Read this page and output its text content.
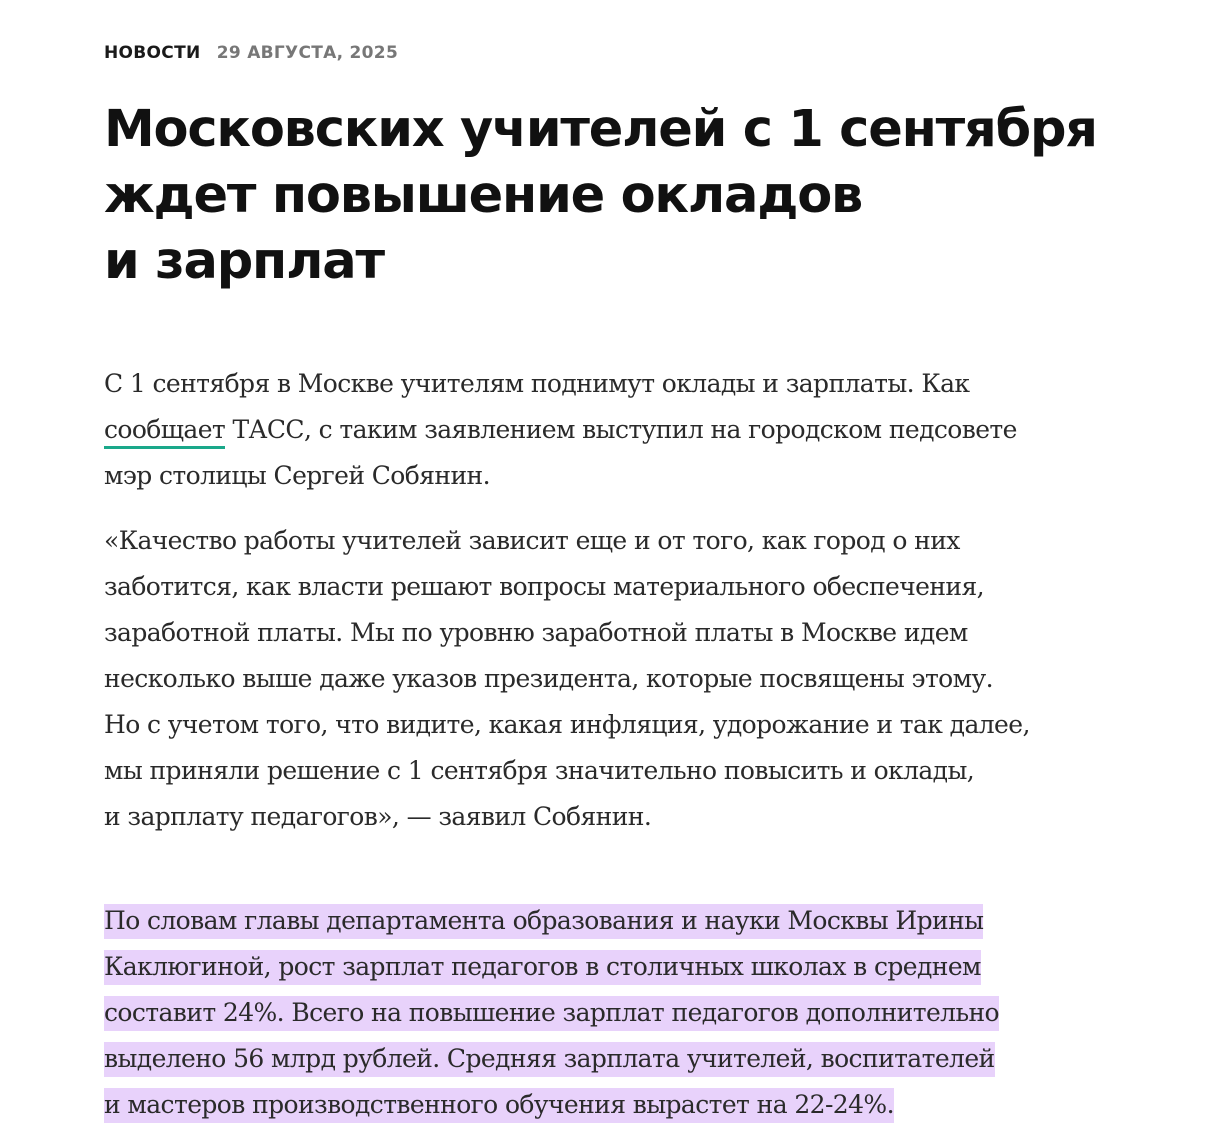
НОВОСТИ 29 АВГУСТА, 2025
Московских учителей с 1 сентября
ждет повышение окладов
и зарплат

С 1 сентября в Москве учителям поднимут оклады и зарплаты. Как
сообщает ТАСС, с таким заявлением выступил на городском педсовете
мэр столицы Сергей Собянин.

«Качество работы учителей зависит еще и от того, как город о них
заботится, как власти решают вопросы материального обеспечения,
заработной платы. Мы по уровню заработной платы в Москве идем
несколько выше даже указов президента, которые посвящены этому.
Но с учетом того, что видите, какая инфляция, удорожание и так далее,
мы приняли решение с 1 сентября значительно повысить и оклады,
и зарплату педагогов», — заявил Собянин.

По словам главы департамента образования и науки Москвы Ирины
Каклюгиной, рост зарплат педагогов в столичных школах в среднем
составит 24%. Всего на повышение зарплат педагогов дополнительно
выделено 56 млрд рублей. Средняя зарплата учителей, воспитателей
и мастеров производственного обучения вырастет на 22-24%.
